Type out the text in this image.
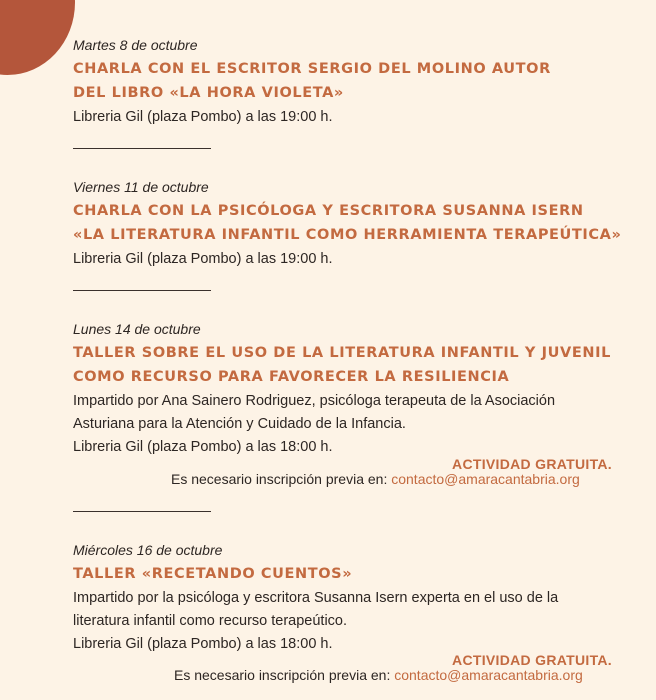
Martes 8 de octubre

CHARLA CON EL ESCRITOR SERGIO DEL MOLINO AUTOR

DEL LIBRO «LA HORA VIOLETA»

Libreria Gil (plaza Pombo) a las 19:00 h.

Viernes 11 de octubre

CHARLA CON LA PSICÓLOGA Y ESCRITORA SUSANNA ISERN

«LA LITERATURA INFANTIL COMO HERRAMIENTA TERAPEÚTICA»

Libreria Gil (plaza Pombo) a las 19:00 h.

Lunes 14 de octubre

TALLER SOBRE EL USO DE LA LITERATURA INFANTIL Y JUVENIL

COMO RECURSO PARA FAVORECER LA RESILIENCIA

Impartido por Ana Sainero Rodriguez, psicóloga terapeuta de la Asociación

Asturiana para la Atención y Cuidado de la Infancia.

Libreria Gil (plaza Pombo) a las 18:00 h.

ACTIVIDAD GRATUITA.
Es necesario inscripción previa en: contacto@amaracantabria.org

Miércoles 16 de octubre

TALLER «RECETANDO CUENTOS»

Impartido por la psicóloga y escritora Susanna Isern experta en el uso de la

literatura infantil como recurso terapeútico.

Libreria Gil (plaza Pombo) a las 18:00 h.

ACTIVIDAD GRATUITA.
Es necesario inscripción previa en: contacto@amaracantabria.org
